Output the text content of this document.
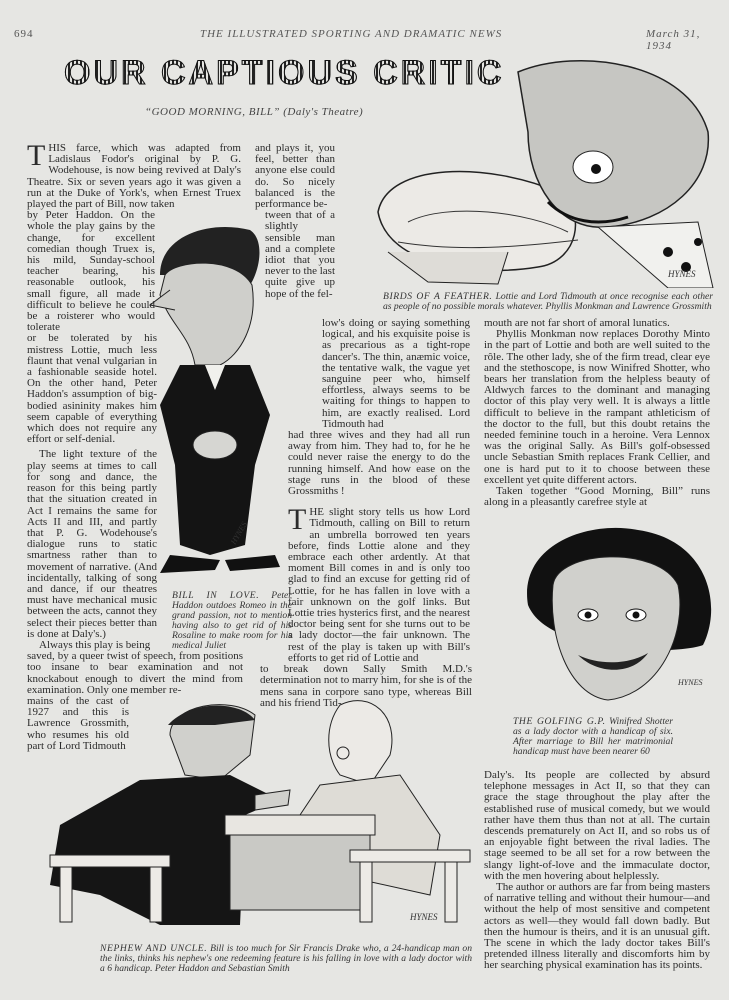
694	THE ILLUSTRATED SPORTING AND DRAMATIC NEWS	March 31, 1934
OUR CAPTIOUS CRITIC
“GOOD MORNING, BILL” (Daly's Theatre)
HYNES
HYNES
HYNES
HYNES
THIS farce, which was adapted from Ladislaus Fodor's original by P. G. Wodehouse, is now being revived at Daly's Theatre. Six or seven years ago it was given a run at the Duke of York's, when Ernest Truex played the part of Bill, now taken
by Peter Haddon. On the whole the play gains by the change, for excellent comedian though Truex is, his mild, Sunday-school teacher bearing, his reasonable outlook, his small figure, all made it difficult to believe he could be a roisterer who would tolerate
or be tolerated by his mistress Lottie, much less flaunt that venal vulgarian in a fashionable seaside hotel. On the other hand, Peter Haddon's assumption of big-bodied asininity makes him seem capable of everything which does not require any effort or self-denial.
The light texture of the play seems at times to call for song and dance, the reason for this being partly that the situation created in Act I remains the same for Acts II and III, and partly that P. G. Wodehouse's dialogue runs to static smartness rather than to movement of narrative. (And incidentally, talking of song and dance, if our theatres must have mechanical music between the acts, cannot they select their pieces better than is done at Daly's.)
Always this play is being
BILL IN LOVE. Peter Haddon outdoes Romeo in the grand passion, not to mention having also to get rid of his Rosaline to make room for his medical Juliet
saved, by a queer twist of speech, from positions too insane to bear examination and not knockabout enough to divert the mind from examination. Only one member re-
mains of the cast of 1927 and this is Lawrence Grossmith, who resumes his old part of Lord Tidmouth
and plays it, you feel, better than anyone else could do. So nicely balanced is the performance be-
tween that of a slightly sensible man and a complete idiot that you never to the last quite give up hope of the fel-
low's doing or saying something logical, and his exquisite poise is as precarious as a tight-rope dancer's. The thin, anæmic voice, the tentative walk, the vague yet sanguine peer who, himself effortless, always seems to be waiting for things to happen to him, are exactly realised. Lord Tidmouth had
had three wives and they had all run away from him. They had to, for he he could never raise the energy to do the running himself. And how ease on the stage runs in the blood of these Grossmiths !
THE slight story tells us how Lord Tidmouth, calling on Bill to return an umbrella borrowed ten years before, finds Lottie alone and they embrace each other ardently. At that moment Bill comes in and is only too glad to find an excuse for getting rid of Lottie, for he has fallen in love with a fair unknown on the golf links. But Lottie tries hysterics first, and the nearest doctor being sent for she turns out to be a lady doctor—the fair unknown. The rest of the play is taken up with Bill's efforts to get rid of Lottie and
to break down Sally Smith M.D.'s determination not to marry him, for she is of the mens sana in corpore sano type, whereas Bill and his friend Tid-
mouth are not far short of amoral lunatics.
Phyllis Monkman now replaces Dorothy Minto in the part of Lottie and both are well suited to the rôle. The other lady, she of the firm tread, clear eye and the stethoscope, is now Winifred Shotter, who bears her translation from the helpless beauty of Aldwych farces to the dominant and managing doctor of this play very well. It is always a little difficult to believe in the rampant athleticism of the doctor to the full, but this doubt retains the needed feminine touch in a heroine. Vera Lennox was the original Sally. As Bill's golf-obsessed uncle Sebastian Smith replaces Frank Cellier, and one is hard put to it to choose between these excellent yet quite different actors.
Taken together “Good Morning, Bill” runs along in a pleasantly carefree style at
Daly's. Its people are collected by absurd telephone messages in Act II, so that they can grace the stage throughout the play after the established ruse of musical comedy, but we would rather have them thus than not at all. The curtain descends prematurely on Act II, and so robs us of an enjoyable fight between the rival ladies. The stage seemed to be all set for a row between the slangy light-of-love and the immaculate doctor, with the men hovering about helplessly.
The author or authors are far from being masters of narrative telling and without their humour—and without the help of most sensitive and competent actors as well—they would fall down badly. But then the humour is theirs, and it is an unusual gift. The scene in which the lady doctor takes Bill's pretended illness literally and discomforts him by her searching physical examination has its points.
BIRDS OF A FEATHER. Lottie and Lord Tidmouth at once recognise each other as people of no possible morals whatever. Phyllis Monkman and Lawrence Grossmith
THE GOLFING G.P. Winifred Shotter as a lady doctor with a handicap of six. After marriage to Bill her matrimonial handicap must have been nearer 60
NEPHEW AND UNCLE. Bill is too much for Sir Francis Drake who, a 24-handicap man on the links, thinks his nephew's one redeeming feature is his falling in love with a lady doctor with a 6 handicap. Peter Haddon and Sebastian Smith
